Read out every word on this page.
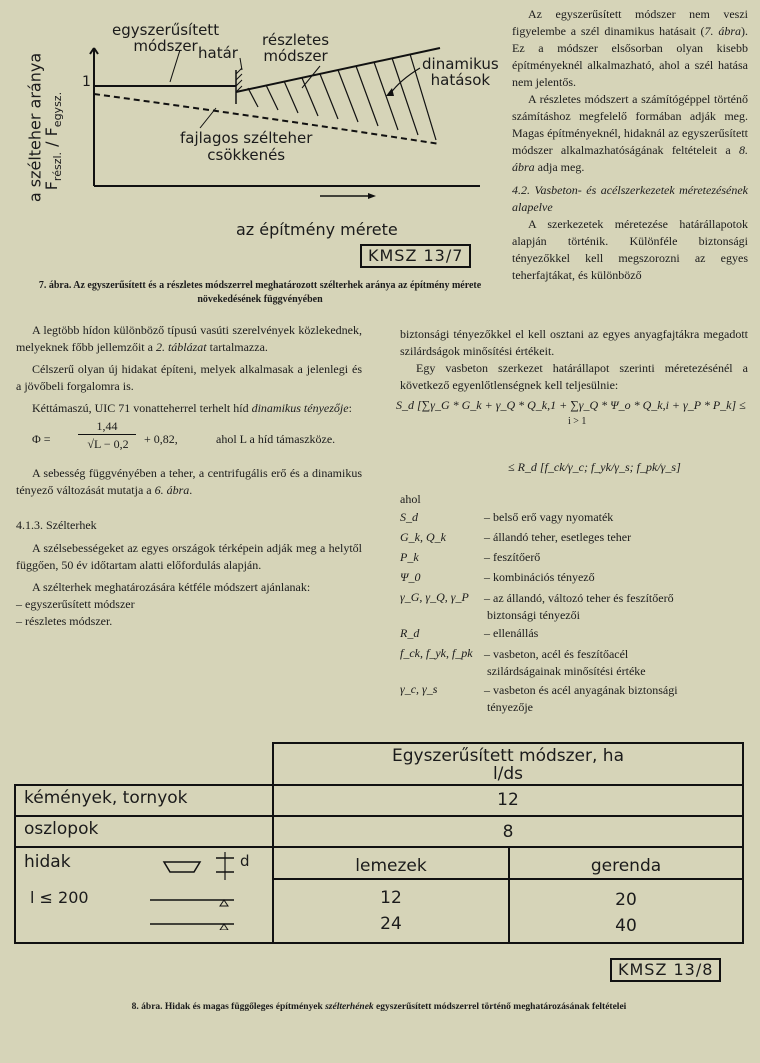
a szélteher aránya
$F_{részl.} / F_{egysz.}$
1
egyszerűsített
módszer határ
részletes
módszer	dinamikus
hatások
fajlagos szélteher
csökkenés
az építmény mérete
KMSZ 13/7
7. ábra. Az egyszerűsített és a részletes módszerrel meghatározott szélterhek aránya az építmény mérete növekedésének függvényében

Az egyszerűsített módszer nem veszi figyelembe a szél dinamikus hatásait (7. ábra). Ez a módszer elsősorban olyan kisebb építményeknél alkalmazható, ahol a szél hatása nem jelentős.

A részletes módszert a számítógéppel történő számításhoz megfelelő formában adják meg. Magas építményeknél, hidaknál az egyszerűsített módszer alkalmazhatóságának feltételeit a 8. ábra adja meg.

4.2. Vasbeton- és acélszerkezetek méretezésének alapelve

A szerkezetek méretezése határállapotok alapján történik. Különféle biztonsági tényezőkkel kell megszorozni az egyes teherfajtákat, és különböző

A legtöbb hídon különböző típusú vasúti szerelvények közlekednek, melyeknek főbb jellemzőit a 2. táblázat tartalmazza.

Célszerű olyan új hidakat építeni, melyek alkalmasak a jelenlegi és a jövőbeli forgalomra is.

Kéttámaszú, UIC 71 vonatteherrel terhelt híd dinamikus tényezője:

Φ =
1,44
√L − 0,2	+ 0,82,	ahol L a híd támaszköze.

A sebesség függvényében a teher, a centrifugális erő és a dinamikus tényező változását mutatja a 6. ábra.

4.1.3. Szélterhek

A szélsebességeket az egyes országok térképein adják meg a helytől függően, 50 év időtartam alatti előfordulás alapján.

A szélterhek meghatározására kétféle módszert ajánlanak:

– egyszerűsített módszer

– részletes módszer.

biztonsági tényezőkkel el kell osztani az egyes anyagfajtákra megadott szilárdságok minősítési értékeit.

Egy vasbeton szerkezet határállapot szerinti méretezésénél a következő egyenlőtlenségnek kell teljesülnie:

S_d [∑γ_G * G_k + γ_Q * Q_k,1 + ∑γ_Q * Ψ_o * Q_k,i + γ_P * P_k] ≤
i > 1
≤ R_d [f_ck/γ_c; f_yk/γ_s; f_pk/γ_s]
ahol
S_d	– belső erő vagy nyomaték
G_k, Q_k	– állandó teher, esetleges teher
P_k	– feszítőerő
Ψ_0	– kombinációs tényező
γ_G, γ_Q, γ_P – az állandó, változó teher és feszítőerő
biztonsági tényezői
R_d	– ellenállás
f_ck, f_yk, f_pk – vasbeton, acél és feszítőacél
szilárdságainak minősítési értéke
γ_c, γ_s	– vasbeton és acél anyagának biztonsági
tényezője
Egyszerűsített módszer, ha
l/ds
kémények, tornyok	12
oszlopok	8
hidak	d
l ≤ 200
lemezek	gerenda
12	20
24	40
KMSZ 13/8
8. ábra. Hidak és magas függőleges építmények szélterhének egyszerűsített módszerrel történő meghatározásának feltételei
